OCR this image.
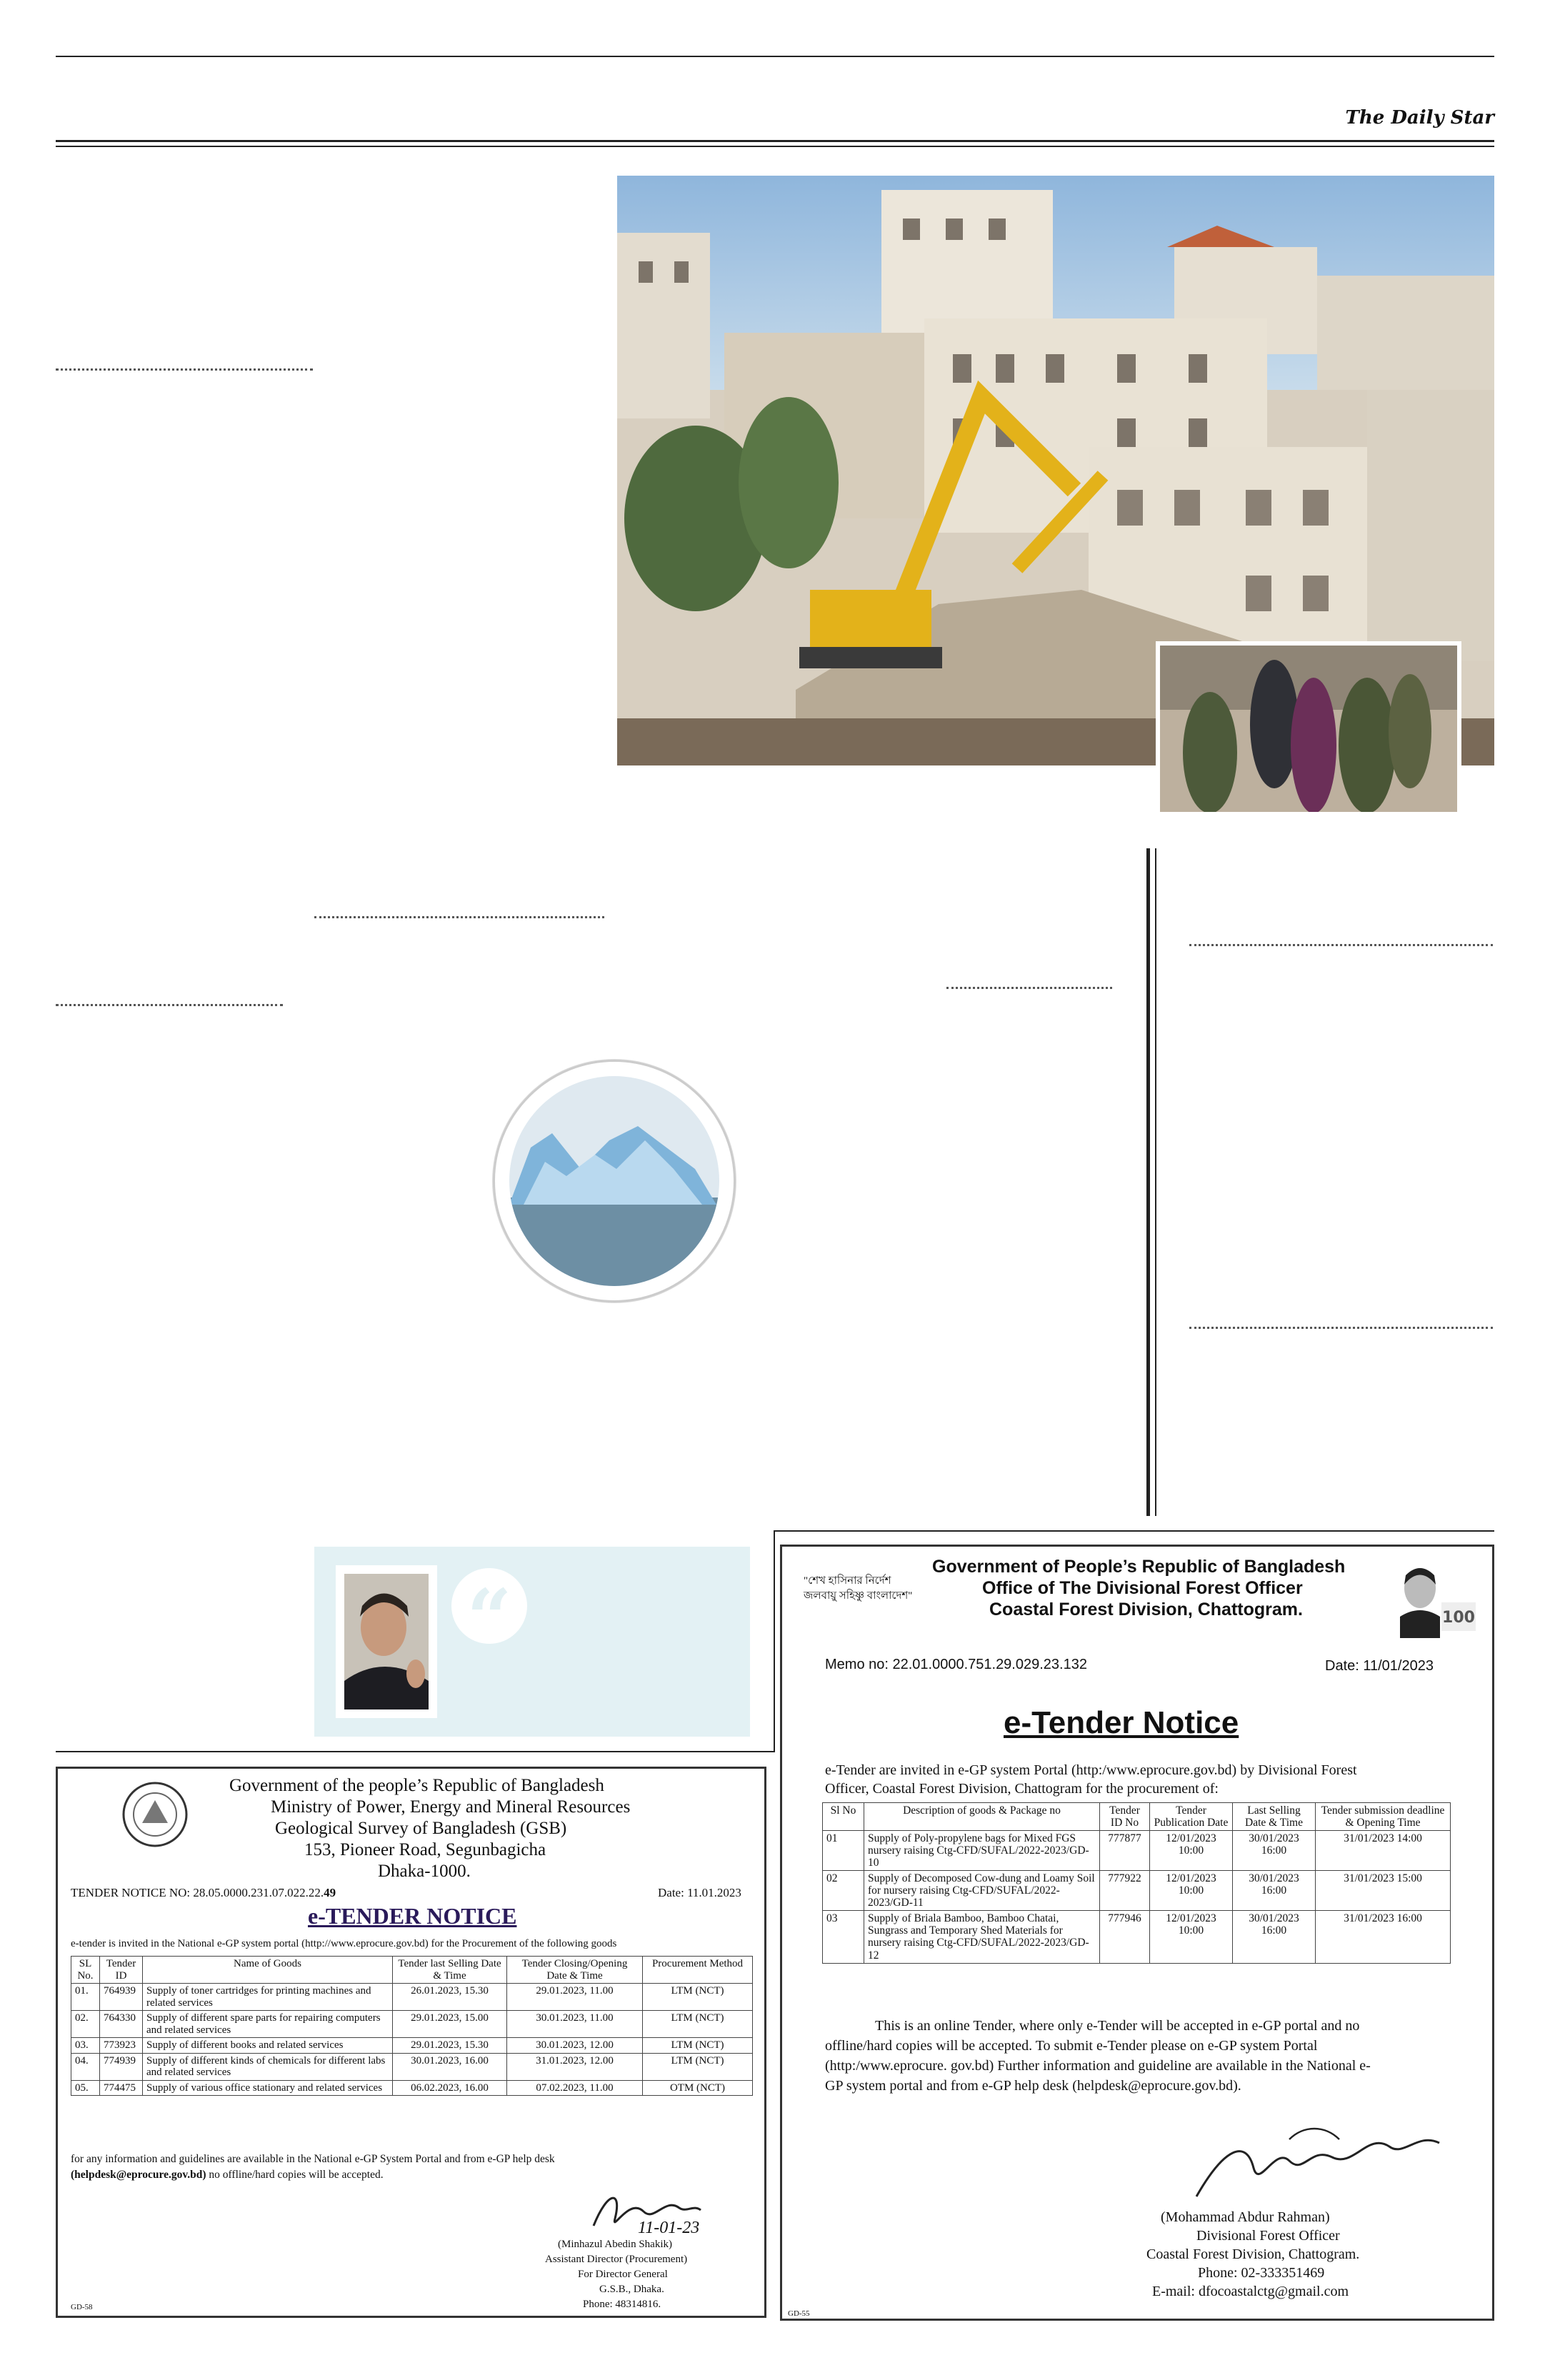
The Daily Star
“
Government of the people’s Republic of Bangladesh
Ministry of Power, Energy and Mineral Resources
Geological Survey of Bangladesh (GSB)
153, Pioneer Road, Segunbagicha
Dhaka-1000.
TENDER NOTICE NO: 28.05.0000.231.07.022.22.49	Date: 11.01.2023
e-TENDER NOTICE
e-tender is invited in the National e-GP system portal (http://www.eprocure.gov.bd) for the Procurement of the following goods
SL No.	Tender ID	Name of Goods	Tender last Selling Date & Time	Tender Closing/Opening Date & Time	Procurement Method
01.	764939	Supply of toner cartridges for printing machines and related services	26.01.2023, 15.30	29.01.2023, 11.00	LTM (NCT)
02.	764330	Supply of different spare parts for repairing computers and related services	29.01.2023, 15.00	30.01.2023, 11.00	LTM (NCT)
03.	773923	Supply of different books and related services	29.01.2023, 15.30	30.01.2023, 12.00	LTM (NCT)
04.	774939	Supply of different kinds of chemicals for different labs and related services	30.01.2023, 16.00	31.01.2023, 12.00	LTM (NCT)
05.	774475	Supply of various office stationary and related services	06.02.2023, 16.00	07.02.2023, 11.00	OTM (NCT)
for any information and guidelines are available in the National e-GP System Portal and from e-GP help desk
(helpdesk@eprocure.gov.bd) no offline/hard copies will be accepted.
11-01-23
(Minhazul Abedin Shakik)
Assistant Director (Procurement)
For Director General
G.S.B., Dhaka.
Phone: 48314816.
GD-58
"শেখ হাসিনার নির্দেশ
জলবায়ু সহিষ্ণু বাংলাদেশ"
Government of People’s Republic of Bangladesh
Office of The Divisional Forest Officer
Coastal Forest Division, Chattogram.	100
Memo no: 22.01.0000.751.29.029.23.132	Date: 11/01/2023
e-Tender Notice
e-Tender are invited in e-GP system Portal (http:/www.eprocure.gov.bd) by Divisional Forest
Officer, Coastal Forest Division, Chattogram for the procurement of:
Sl No	Description of goods & Package no	Tender ID No	Tender Publication Date	Last Selling Date & Time	Tender submission deadline & Opening Time
01	Supply of Poly-propylene bags for Mixed FGS nursery raising Ctg-CFD/SUFAL/2022-2023/GD-10	777877	12/01/2023 10:00	30/01/2023 16:00	31/01/2023 14:00
02	Supply of Decomposed Cow-dung and Loamy Soil for nursery raising Ctg-CFD/SUFAL/2022-2023/GD-11	777922	12/01/2023 10:00	30/01/2023 16:00	31/01/2023 15:00
03	Supply of Briala Bamboo, Bamboo Chatai, Sungrass and Temporary Shed Materials for nursery raising Ctg-CFD/SUFAL/2022-2023/GD-12	777946	12/01/2023 10:00	30/01/2023 16:00	31/01/2023 16:00
This is an online Tender, where only e-Tender will be accepted in e-GP portal and no
offline/hard copies will be accepted. To submit e-Tender please on e-GP system Portal
(http:/www.eprocure. gov.bd) Further information and guideline are available in the National e-
GP system portal and from e-GP help desk (helpdesk@eprocure.gov.bd).
(Mohammad Abdur Rahman)
Divisional Forest Officer
Coastal Forest Division, Chattogram.
Phone: 02-333351469
E-mail: dfocoastalctg@gmail.com
GD-55
